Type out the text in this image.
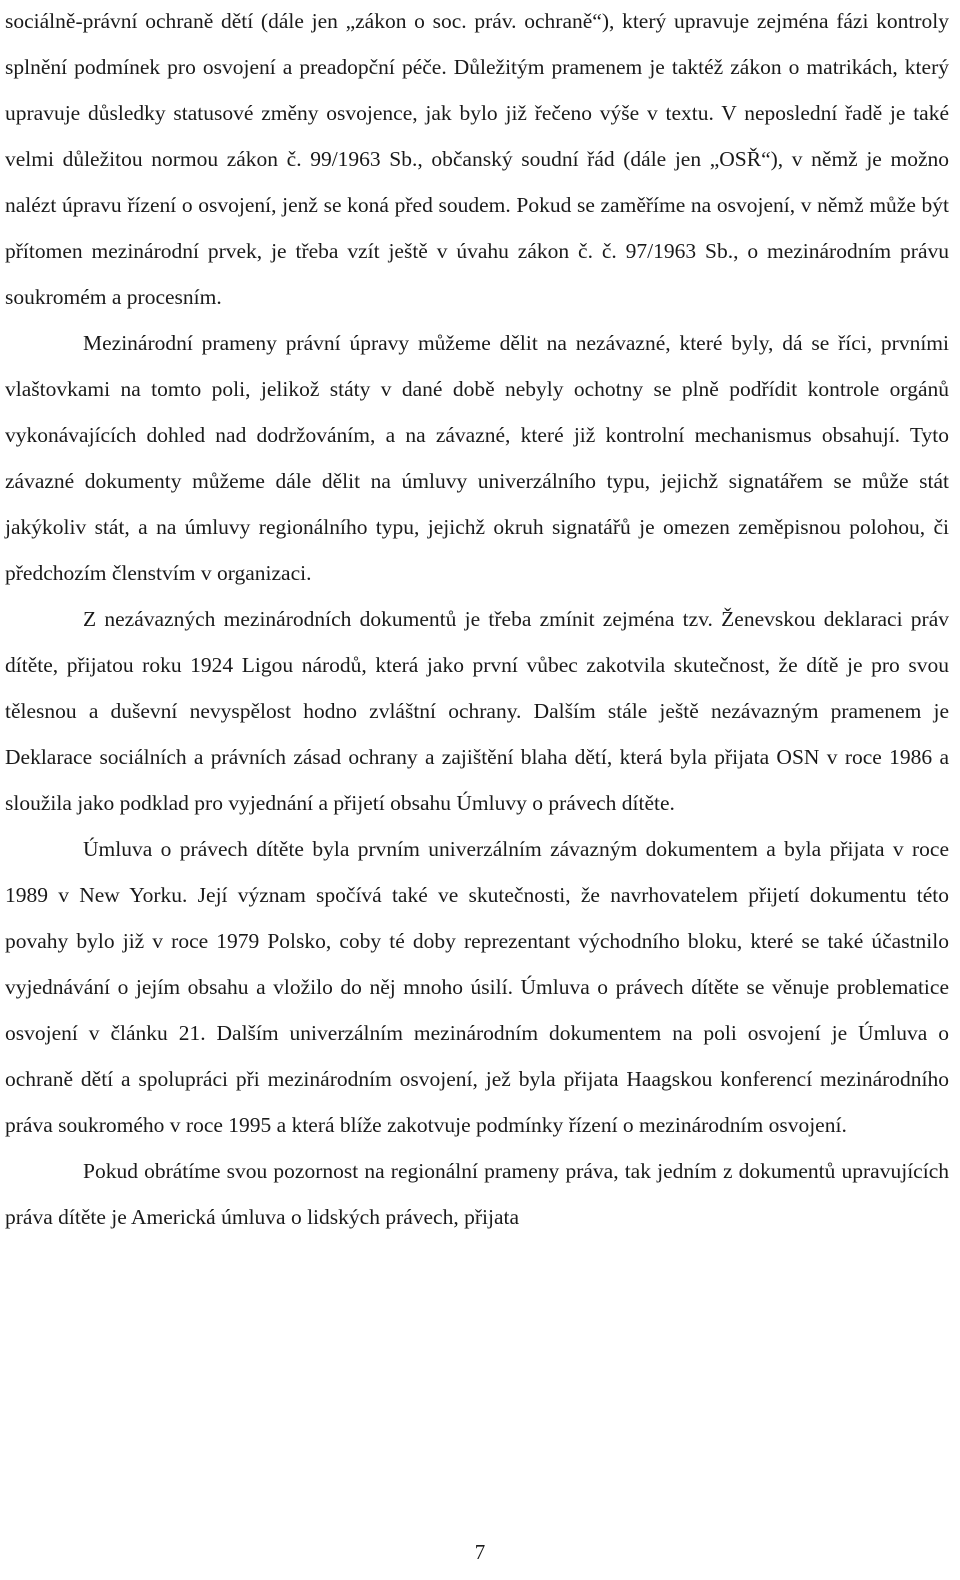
sociálně-právní ochraně dětí (dále jen „zákon o soc. práv. ochraně“), který upravuje zejména fázi kontroly splnění podmínek pro osvojení a preadopční péče. Důležitým pramenem je taktéž zákon o matrikách, který upravuje důsledky statusové změny osvojence, jak bylo již řečeno výše v textu. V neposlední řadě je také velmi důležitou normou zákon č. 99/1963 Sb., občanský soudní řád (dále jen „OSŘ“), v němž je možno nalézt úpravu řízení o osvojení, jenž se koná před soudem. Pokud se zaměříme na osvojení, v němž může být přítomen mezinárodní prvek, je třeba vzít ještě v úvahu zákon č. č. 97/1963 Sb., o mezinárodním právu soukromém a procesním.

Mezinárodní prameny právní úpravy můžeme dělit na nezávazné, které byly, dá se říci, prvními vlaštovkami na tomto poli, jelikož státy v dané době nebyly ochotny se plně podřídit kontrole orgánů vykonávajících dohled nad dodržováním, a na závazné, které již kontrolní mechanismus obsahují. Tyto závazné dokumenty můžeme dále dělit na úmluvy univerzálního typu, jejichž signatářem se může stát jakýkoliv stát, a na úmluvy regionálního typu, jejichž okruh signatářů je omezen zeměpisnou polohou, či předchozím členstvím v organizaci.

Z nezávazných mezinárodních dokumentů je třeba zmínit zejména tzv. Ženevskou deklaraci práv dítěte, přijatou roku 1924 Ligou národů, která jako první vůbec zakotvila skutečnost, že dítě je pro svou tělesnou a duševní nevyspělost hodno zvláštní ochrany. Dalším stále ještě nezávazným pramenem je Deklarace sociálních a právních zásad ochrany a zajištění blaha dětí, která byla přijata OSN v roce 1986 a sloužila jako podklad pro vyjednání a přijetí obsahu Úmluvy o právech dítěte.

Úmluva o právech dítěte byla prvním univerzálním závazným dokumentem a byla přijata v roce 1989 v New Yorku. Její význam spočívá také ve skutečnosti, že navrhovatelem přijetí dokumentu této povahy bylo již v roce 1979 Polsko, coby té doby reprezentant východního bloku, které se také účastnilo vyjednávání o jejím obsahu a vložilo do něj mnoho úsilí. Úmluva o právech dítěte se věnuje problematice osvojení v článku 21. Dalším univerzálním mezinárodním dokumentem na poli osvojení je Úmluva o ochraně dětí a spolupráci při mezinárodním osvojení, jež byla přijata Haagskou konferencí mezinárodního práva soukromého v roce 1995 a která blíže zakotvuje podmínky řízení o mezinárodním osvojení.

Pokud obrátíme svou pozornost na regionální prameny práva, tak jedním z dokumentů upravujících práva dítěte je Americká úmluva o lidských právech, přijata

7
